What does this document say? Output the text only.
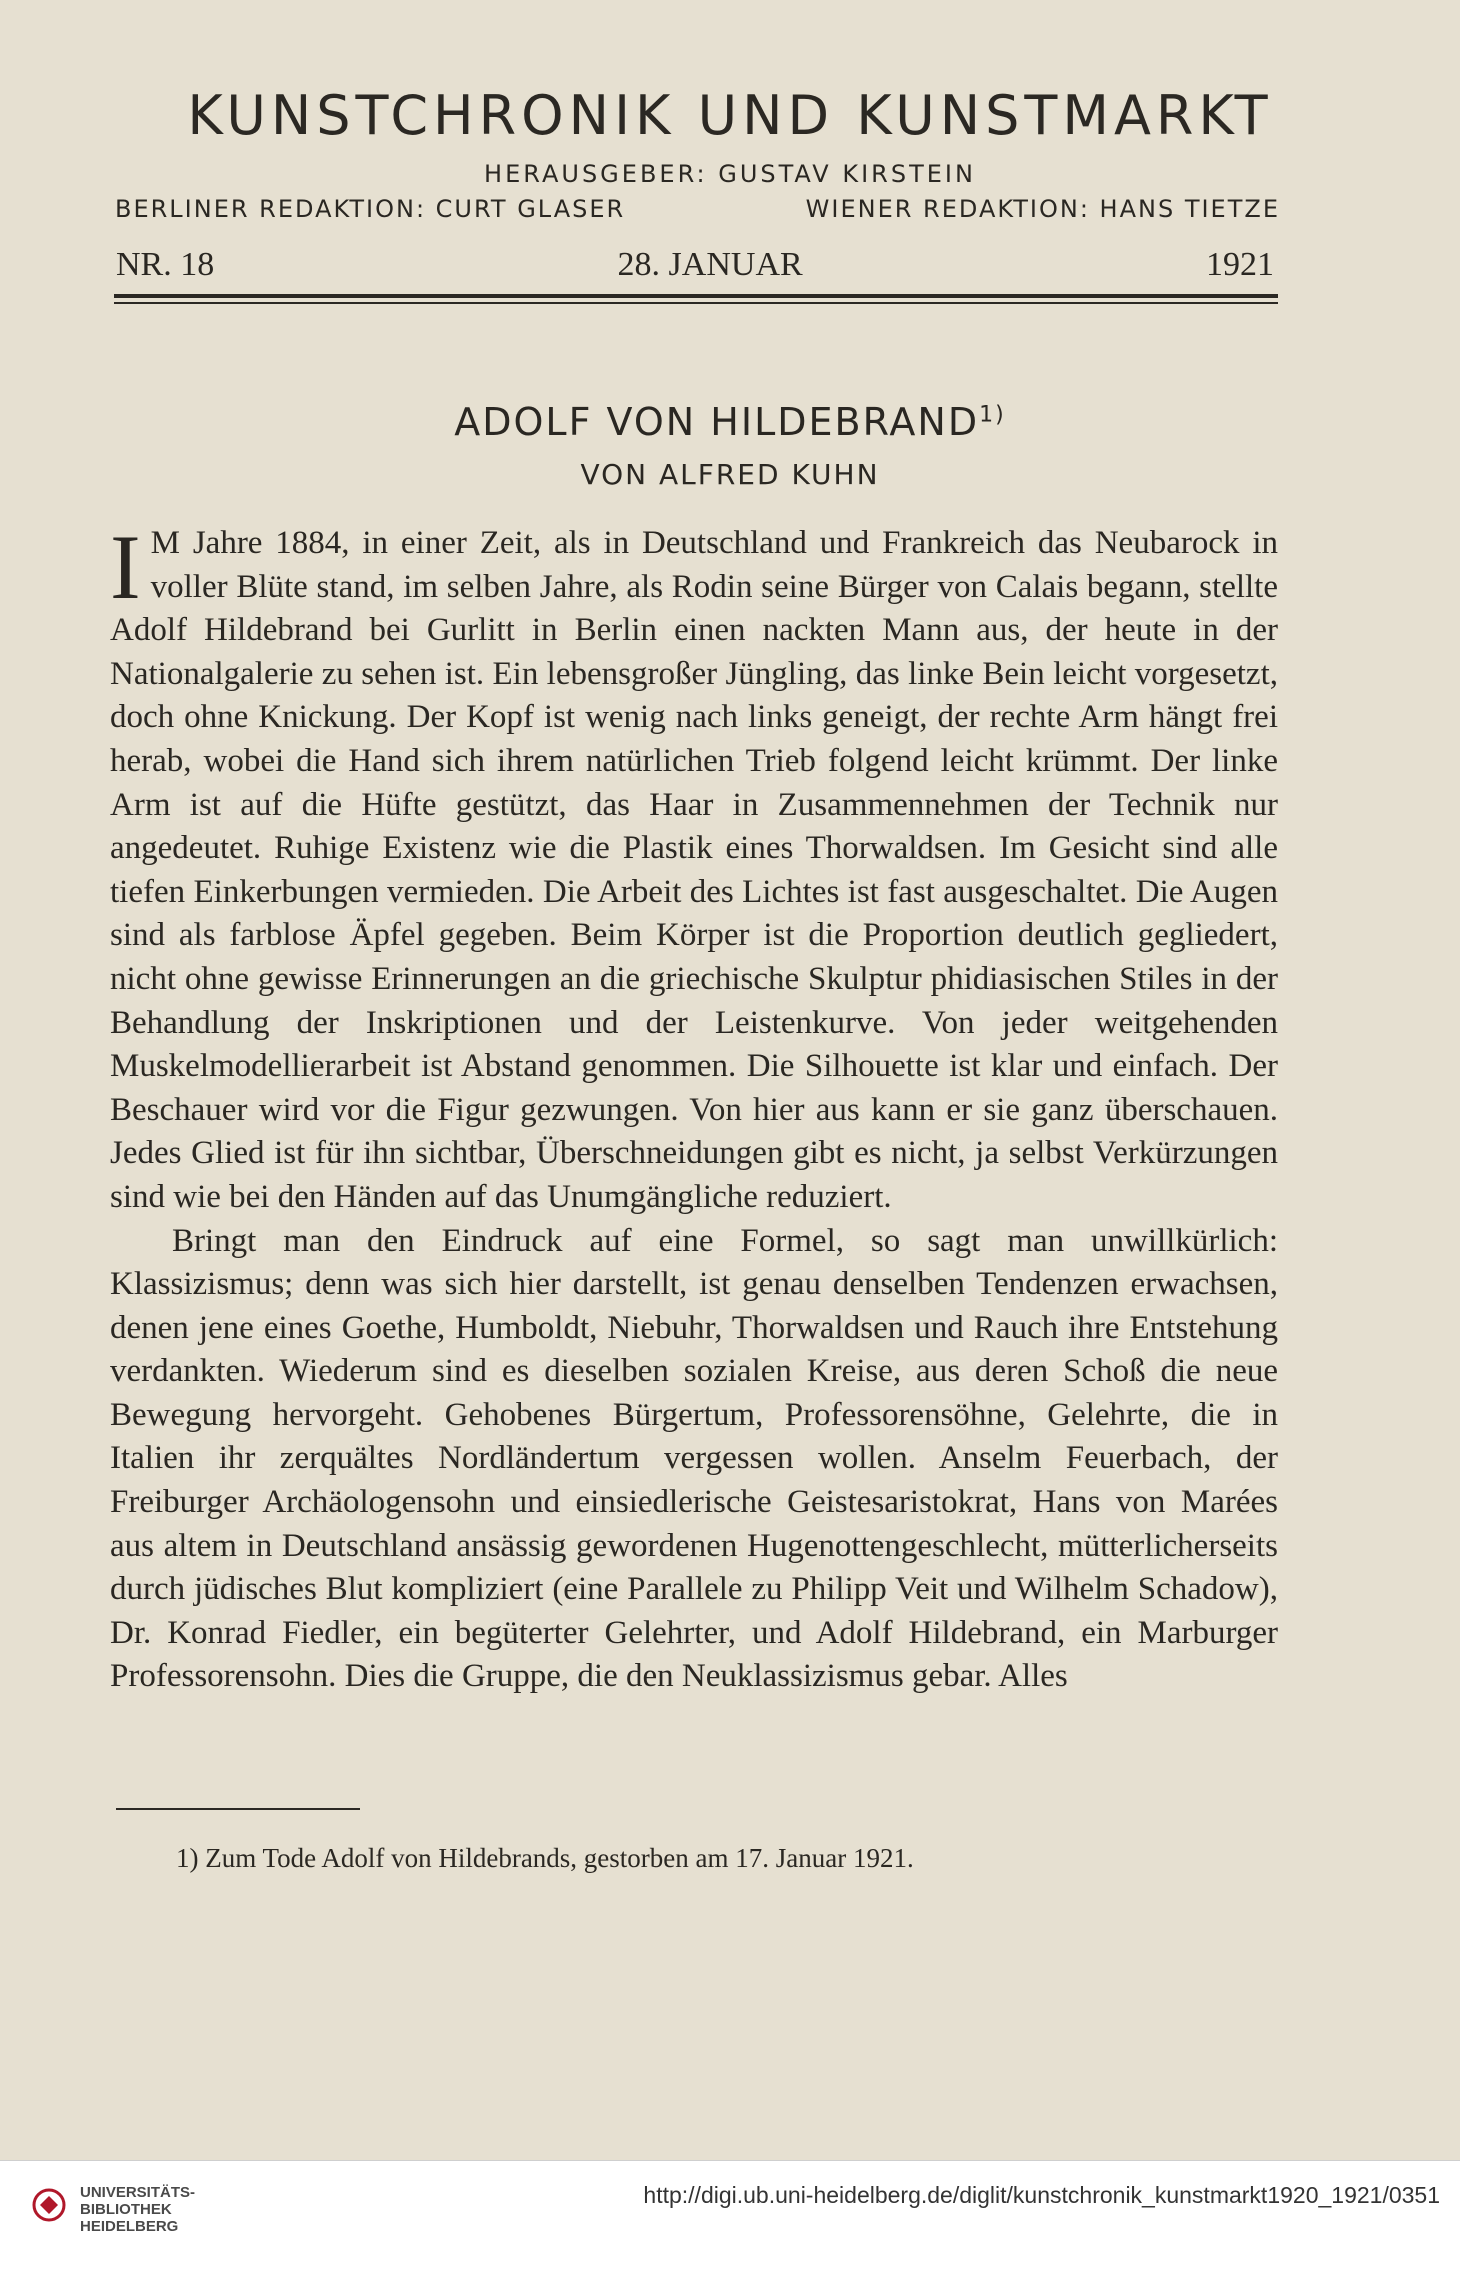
KUNSTCHRONIK UND KUNSTMARKT
HERAUSGEBER: GUSTAV KIRSTEIN
BERLINER REDAKTION: CURT GLASER	WIENER REDAKTION: HANS TIETZE
NR. 18	28. JANUAR	1921
ADOLF VON HILDEBRAND$^{1)}$
VON ALFRED KUHN

I M Jahre 1884, in einer Zeit, als in Deutschland und Frankreich das Neubarock in voller Blüte stand, im selben Jahre, als Rodin seine Bürger von Calais begann, stellte Adolf Hildebrand bei Gurlitt in Berlin einen nackten Mann aus, der heute in der Nationalgalerie zu sehen ist. Ein lebensgroßer Jüngling, das linke Bein leicht vorgesetzt, doch ohne Knickung. Der Kopf ist wenig nach links geneigt, der rechte Arm hängt frei herab, wobei die Hand sich ihrem natürlichen Trieb folgend leicht krümmt. Der linke Arm ist auf die Hüfte gestützt, das Haar in Zusammennehmen der Technik nur angedeutet. Ruhige Existenz wie die Plastik eines Thorwaldsen. Im Gesicht sind alle tiefen Einkerbungen vermieden. Die Arbeit des Lichtes ist fast ausgeschaltet. Die Augen sind als farblose Äpfel gegeben. Beim Körper ist die Proportion deutlich gegliedert, nicht ohne gewisse Erinnerungen an die griechische Skulptur phidiasischen Stiles in der Behandlung der Inskriptionen und der Leistenkurve. Von jeder weitgehenden Muskelmodellierarbeit ist Abstand genommen. Die Silhouette ist klar und einfach. Der Beschauer wird vor die Figur gezwungen. Von hier aus kann er sie ganz überschauen. Jedes Glied ist für ihn sichtbar, Überschneidungen gibt es nicht, ja selbst Verkürzungen sind wie bei den Händen auf das Unumgängliche reduziert.

Bringt man den Eindruck auf eine Formel, so sagt man unwillkürlich: Klassizismus; denn was sich hier darstellt, ist genau denselben Tendenzen erwachsen, denen jene eines Goethe, Humboldt, Niebuhr, Thorwaldsen und Rauch ihre Entstehung verdankten. Wiederum sind es dieselben sozialen Kreise, aus deren Schoß die neue Bewegung hervorgeht. Gehobenes Bürgertum, Professorensöhne, Gelehrte, die in Italien ihr zerquältes Nordländertum vergessen wollen. Anselm Feuerbach, der Freiburger Archäologensohn und einsiedlerische Geistesaristokrat, Hans von Marées aus altem in Deutschland ansässig gewordenen Hugenottengeschlecht, mütterlicherseits durch jüdisches Blut kompliziert (eine Parallele zu Philipp Veit und Wilhelm Schadow), Dr. Konrad Fiedler, ein begüterter Gelehrter, und Adolf Hildebrand, ein Marburger Professorensohn. Dies die Gruppe, die den Neuklassizismus gebar. Alles

1) Zum Tode Adolf von Hildebrands, gestorben am 17. Januar 1921.
UNIVERSITÄTS-
BIBLIOTHEK
HEIDELBERG
http://digi.ub.uni-heidelberg.de/diglit/kunstchronik_kunstmarkt1920_1921/0351
